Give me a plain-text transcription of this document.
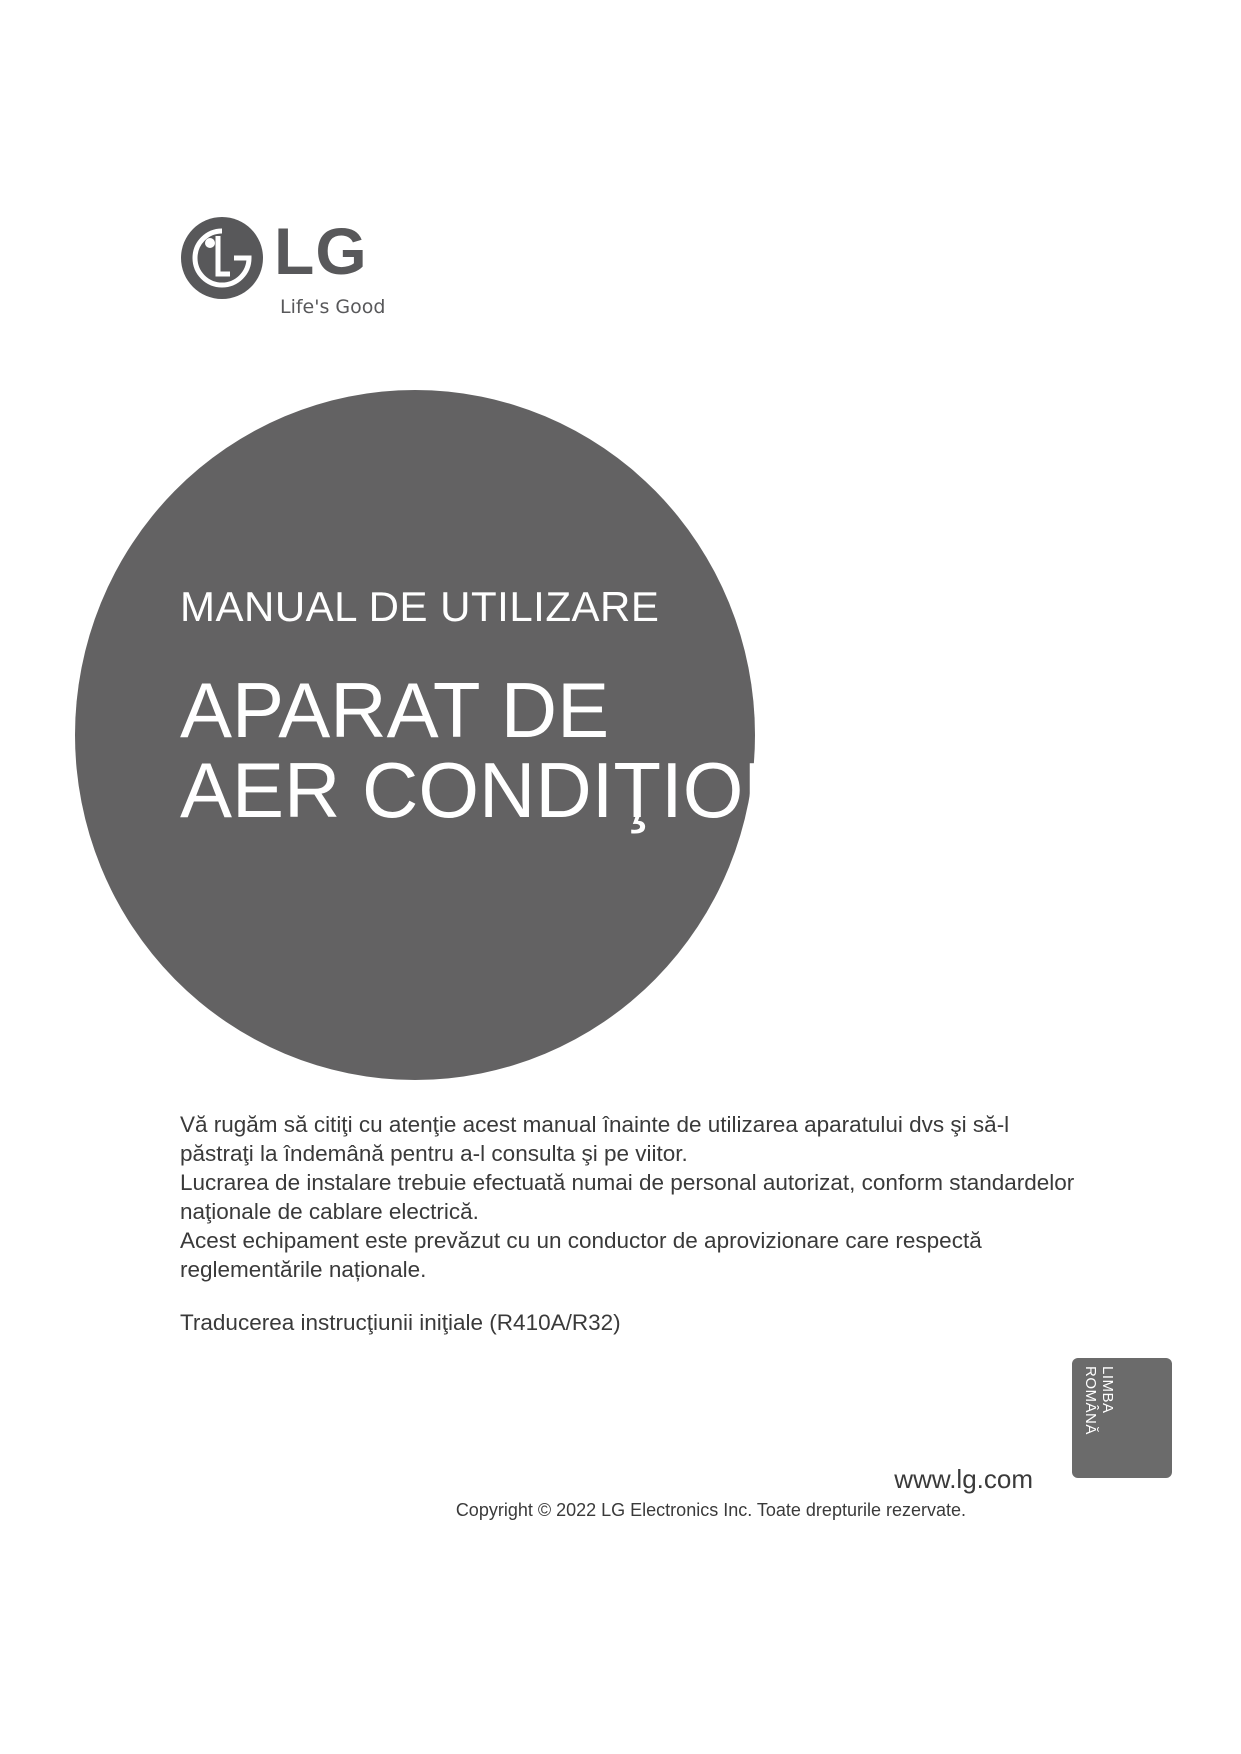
LG
Life's Good
MANUAL DE UTILIZARE
APARAT DE
AER CONDIŢIONAT

Vă rugăm să citiţi cu atenţie acest manual înainte de utilizarea aparatului dvs şi să-l păstraţi la îndemână pentru a-l consulta şi pe viitor.

Lucrarea de instalare trebuie efectuată numai de personal autorizat, conform standardelor naţionale de cablare electrică.

Acest echipament este prevăzut cu un conductor de aprovizionare care respectă reglementările naționale.

Traducerea instrucţiunii iniţiale (R410A/R32)
LIMBA ROMÂNĂ
www.lg.com
Copyright © 2022 LG Electronics Inc. Toate drepturile rezervate.
